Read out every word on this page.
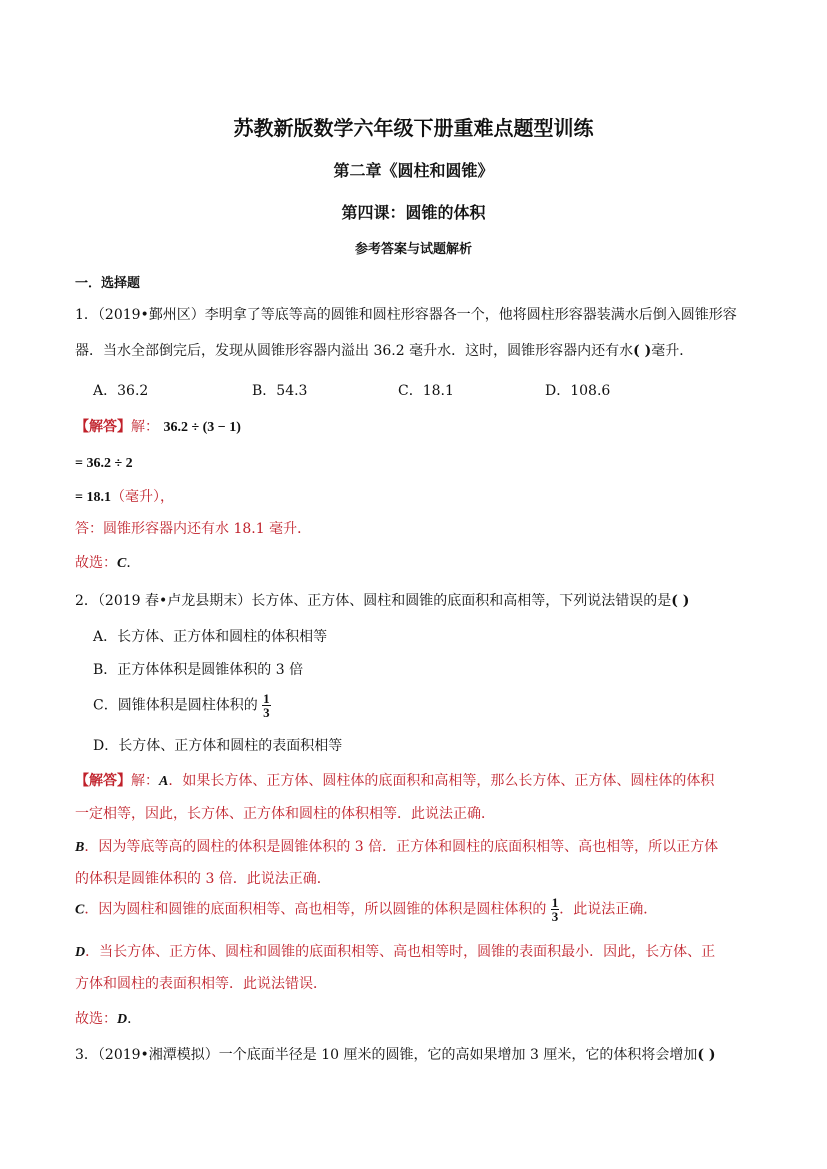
苏教新版数学六年级下册重难点题型训练
第二章《圆柱和圆锥》
第四课：圆锥的体积
参考答案与试题解析
一．选择题
1．（2019•鄞州区）李明拿了等底等高的圆锥和圆柱形容器各一个，他将圆柱形容器装满水后倒入圆锥形容
器．当水全部倒完后，发现从圆锥形容器内溢出 36.2 毫升水．这时，圆锥形容器内还有水( )毫升．
A．36.2	B．54.3	C．18.1	D．108.6
【解答】解： 36.2 ÷ (3 − 1)
= 36.2 ÷ 2
= 18.1（毫升），
答：圆锥形容器内还有水 18.1 毫升．
故选：C．
2．（2019 春•卢龙县期末）长方体、正方体、圆柱和圆锥的底面积和高相等，下列说法错误的是( )
A．长方体、正方体和圆柱的体积相等
B．正方体体积是圆锥体积的 3 倍
C．圆锥体积是圆柱体积的 $\frac{1}{3}$
D．长方体、正方体和圆柱的表面积相等
【解答】解：A．如果长方体、正方体、圆柱体的底面积和高相等，那么长方体、正方体、圆柱体的体积
一定相等，因此，长方体、正方体和圆柱的体积相等．此说法正确．
B．因为等底等高的圆柱的体积是圆锥体积的 3 倍．正方体和圆柱的底面积相等、高也相等，所以正方体
的体积是圆锥体积的 3 倍．此说法正确．
C．因为圆柱和圆锥的底面积相等、高也相等，所以圆锥的体积是圆柱体积的 $\frac{1}{3}$ ．此说法正确．
D．当长方体、正方体、圆柱和圆锥的底面积相等、高也相等时，圆锥的表面积最小．因此，长方体、正
方体和圆柱的表面积相等．此说法错误．
故选：D．
3．（2019•湘潭模拟）一个底面半径是 10 厘米的圆锥，它的高如果增加 3 厘米，它的体积将会增加( )
